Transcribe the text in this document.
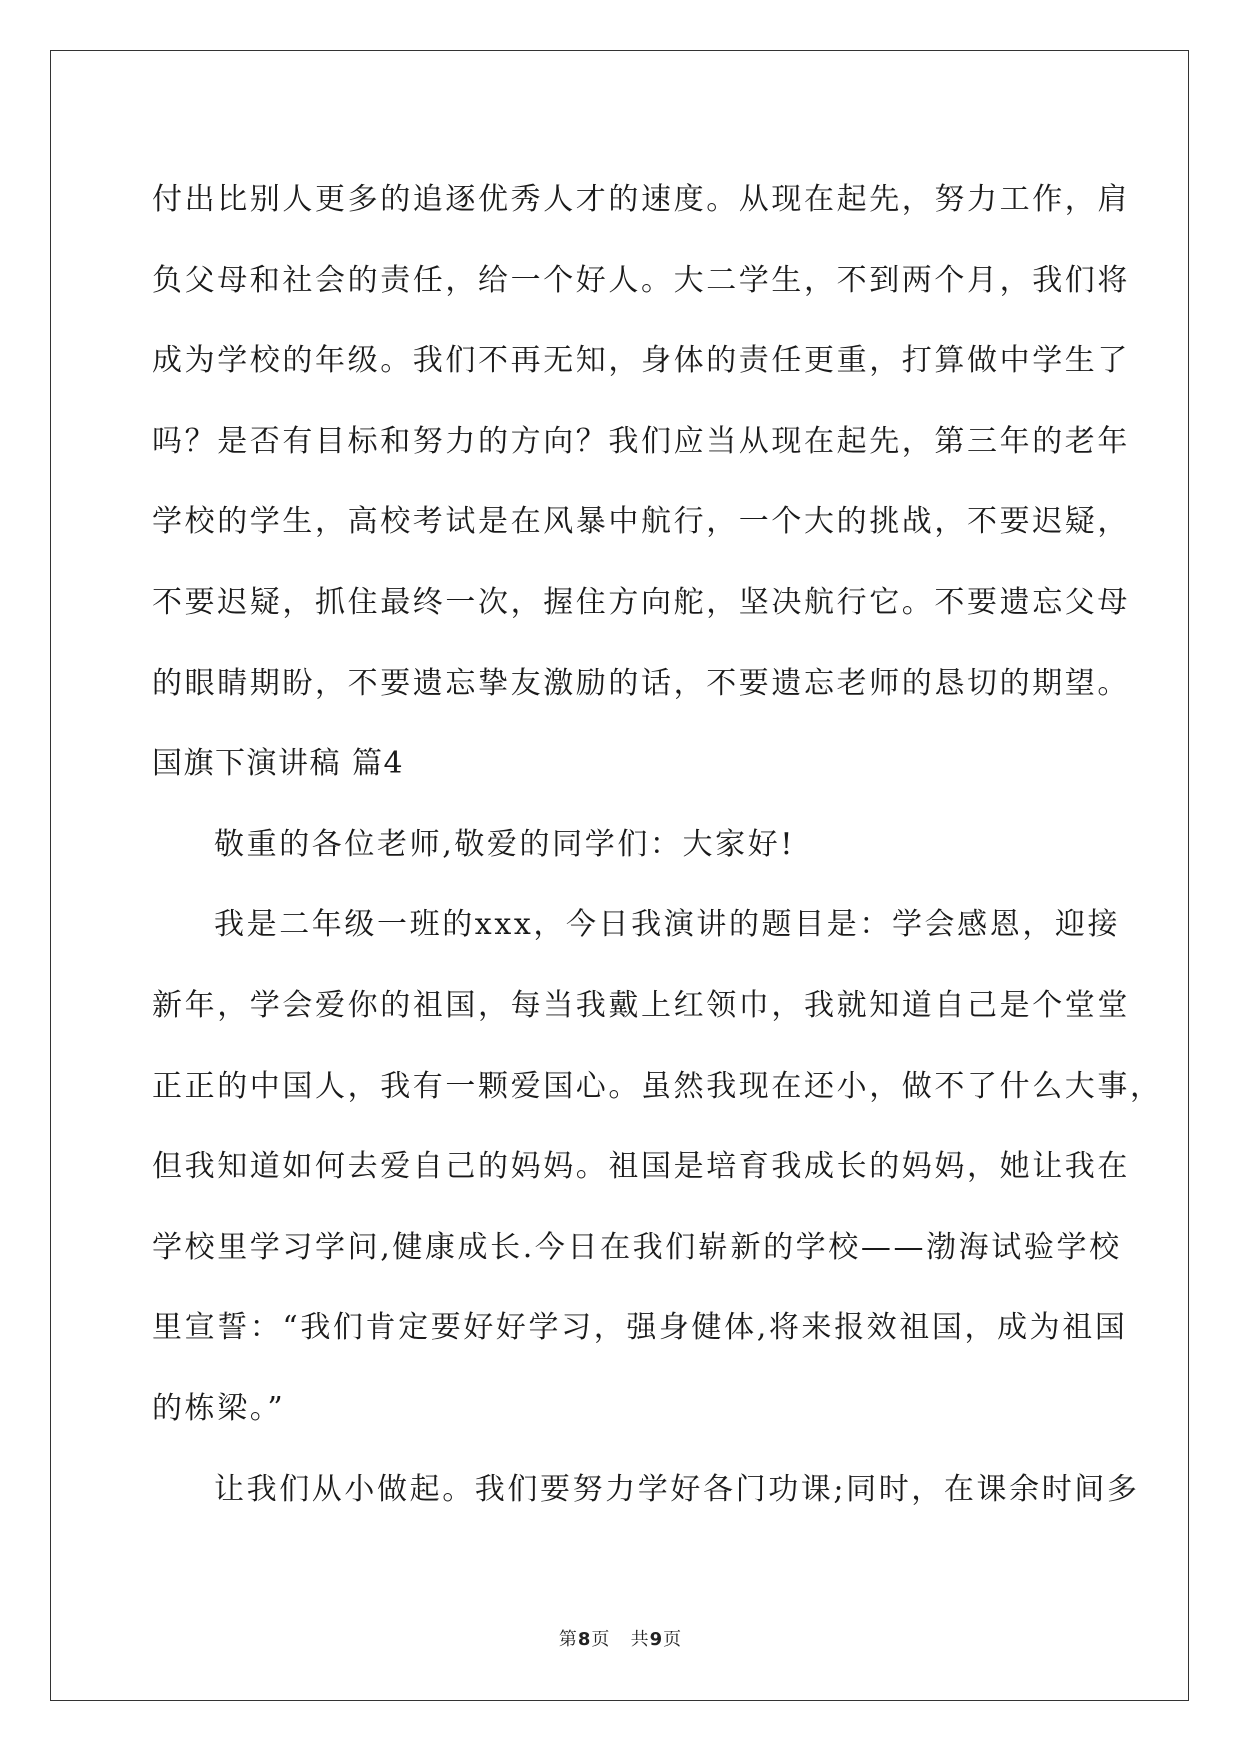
付出比别人更多的追逐优秀人才的速度。从现在起先，努力工作，肩
负父母和社会的责任，给一个好人。大二学生，不到两个月，我们将
成为学校的年级。我们不再无知，身体的责任更重，打算做中学生了
吗？是否有目标和努力的方向？我们应当从现在起先，第三年的老年
学校的学生，高校考试是在风暴中航行，一个大的挑战，不要迟疑，
不要迟疑，抓住最终一次，握住方向舵，坚决航行它。不要遗忘父母
的眼睛期盼，不要遗忘挚友激励的话，不要遗忘老师的恳切的期望。
国旗下演讲稿 篇4
敬重的各位老师,敬爱的同学们：大家好!
我是二年级一班的xxx，今日我演讲的题目是：学会感恩，迎接
新年，学会爱你的祖国，每当我戴上红领巾，我就知道自己是个堂堂
正正的中国人，我有一颗爱国心。虽然我现在还小，做不了什么大事，
但我知道如何去爱自己的妈妈。祖国是培育我成长的妈妈，她让我在
学校里学习学问,健康成长.今日在我们崭新的学校——渤海试验学校
里宣誓：“我们肯定要好好学习，强身健体,将来报效祖国，成为祖国
的栋梁。”
让我们从小做起。我们要努力学好各门功课;同时，在课余时间多
第8页 共9页
